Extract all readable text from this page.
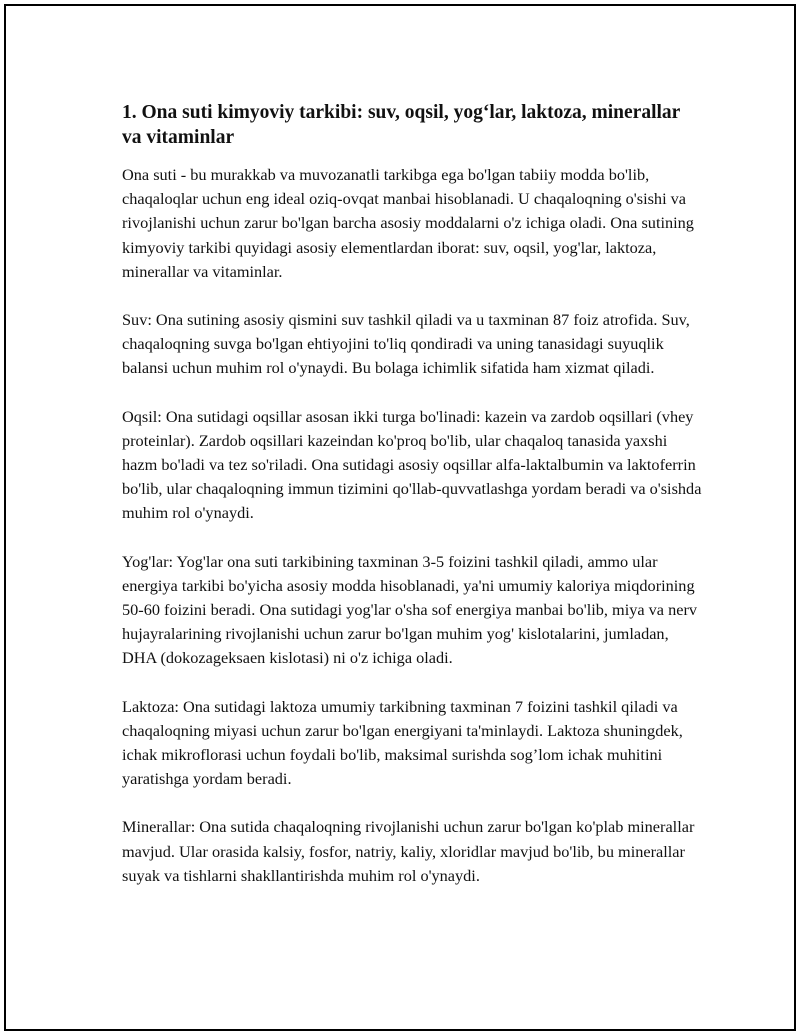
1. Ona suti kimyoviy tarkibi: suv, oqsil, yog‘lar, laktoza, minerallar va vitaminlar

Ona suti - bu murakkab va muvozanatli tarkibga ega bo'lgan tabiiy modda bo'lib, chaqaloqlar uchun eng ideal oziq-ovqat manbai hisoblanadi. U chaqaloqning o'sishi va rivojlanishi uchun zarur bo'lgan barcha asosiy moddalarni o'z ichiga oladi. Ona sutining kimyoviy tarkibi quyidagi asosiy elementlardan iborat: suv, oqsil, yog'lar, laktoza, minerallar va vitaminlar.

Suv: Ona sutining asosiy qismini suv tashkil qiladi va u taxminan 87 foiz atrofida. Suv, chaqaloqning suvga bo'lgan ehtiyojini to'liq qondiradi va uning tanasidagi suyuqlik balansi uchun muhim rol o'ynaydi. Bu bolaga ichimlik sifatida ham xizmat qiladi.

Oqsil: Ona sutidagi oqsillar asosan ikki turga bo'linadi: kazein va zardob oqsillari (vhey proteinlar). Zardob oqsillari kazeindan ko'proq bo'lib, ular chaqaloq tanasida yaxshi hazm bo'ladi va tez so'riladi. Ona sutidagi asosiy oqsillar alfa-laktalbumin va laktoferrin bo'lib, ular chaqaloqning immun tizimini qo'llab-quvvatlashga yordam beradi va o'sishda muhim rol o'ynaydi.

Yog'lar: Yog'lar ona suti tarkibining taxminan 3-5 foizini tashkil qiladi, ammo ular energiya tarkibi bo'yicha asosiy modda hisoblanadi, ya'ni umumiy kaloriya miqdorining 50-60 foizini beradi. Ona sutidagi yog'lar o'sha sof energiya manbai bo'lib, miya va nerv hujayralarining rivojlanishi uchun zarur bo'lgan muhim yog' kislotalarini, jumladan, DHA (dokozageksaen kislotasi) ni o'z ichiga oladi.

Laktoza: Ona sutidagi laktoza umumiy tarkibning taxminan 7 foizini tashkil qiladi va chaqaloqning miyasi uchun zarur bo'lgan energiyani ta'minlaydi. Laktoza shuningdek, ichak mikroflorasi uchun foydali bo'lib, maksimal surishda sog’lom ichak muhitini yaratishga yordam beradi.

Minerallar: Ona sutida chaqaloqning rivojlanishi uchun zarur bo'lgan ko'plab minerallar mavjud. Ular orasida kalsiy, fosfor, natriy, kaliy, xloridlar mavjud bo'lib, bu minerallar suyak va tishlarni shakllantirishda muhim rol o'ynaydi.
